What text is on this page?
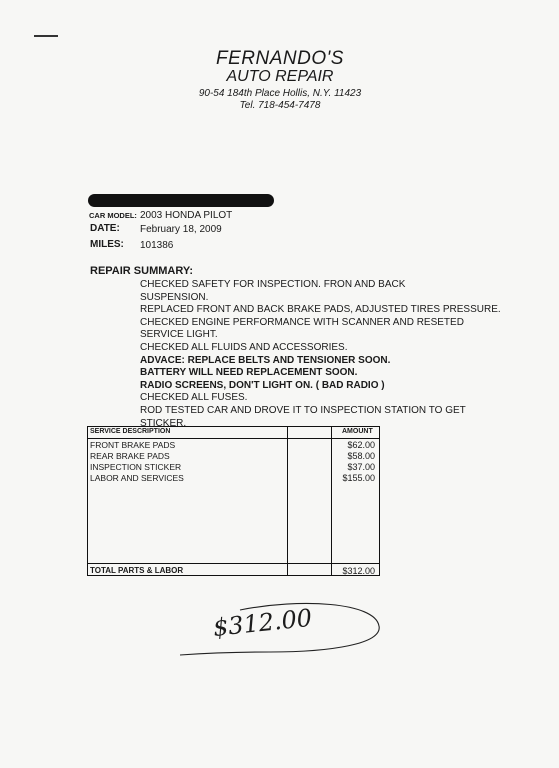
FERNANDO'S
AUTO REPAIR
90-54 184th Place Hollis, N.Y. 11423
Tel. 718-454-7478
CAR MODEL: 2003 HONDA PILOT
DATE: February 18, 2009
MILES: 101386
REPAIR SUMMARY:
CHECKED SAFETY FOR INSPECTION. FRON AND BACK
SUSPENSION.
REPLACED FRONT AND BACK BRAKE PADS, ADJUSTED TIRES PRESSURE.
CHECKED ENGINE PERFORMANCE WITH SCANNER AND RESETED
SERVICE LIGHT.
CHECKED ALL FLUIDS AND ACCESSORIES.
ADVACE: REPLACE BELTS AND TENSIONER SOON.
BATTERY WILL NEED REPLACEMENT SOON.
RADIO SCREENS, DON'T LIGHT ON. ( BAD RADIO )
CHECKED ALL FUSES.
ROD TESTED CAR AND DROVE IT TO INSPECTION STATION TO GET
STICKER.
SERVICE DESCRIPTION	AMOUNT
FRONT BRAKE PADS	$62.00
REAR BRAKE PADS	$58.00
INSPECTION STICKER	$37.00
LABOR AND SERVICES	$155.00
TOTAL PARTS & LABOR	$312.00
$312.00
